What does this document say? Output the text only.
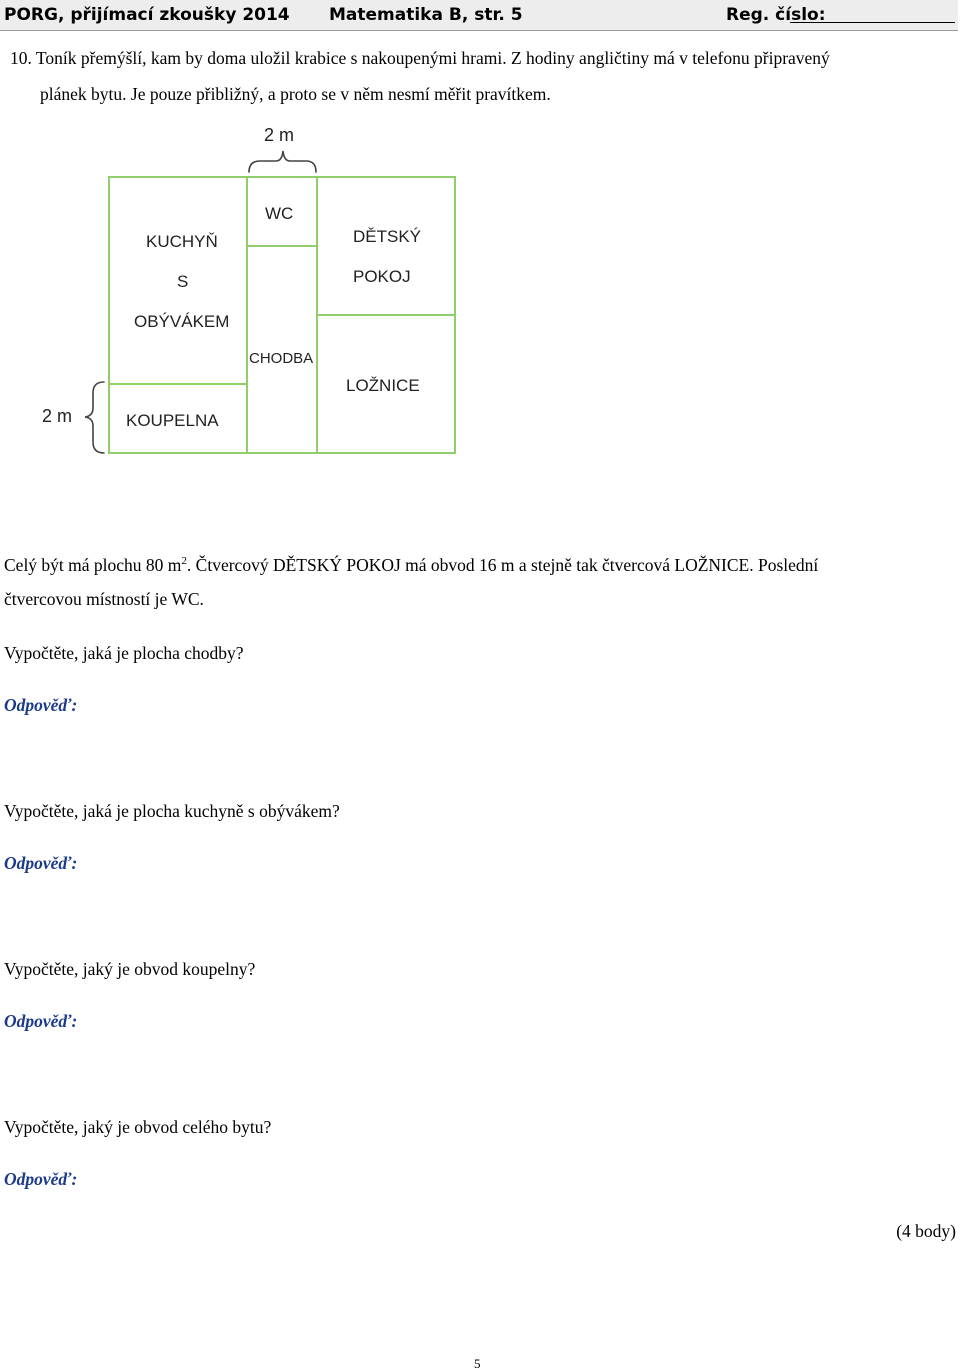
PORG, přijímací zkoušky 2014 Matematika B, str. 5	Reg. číslo:
10. Toník přemýšlí, kam by doma uložil krabice s nakoupenými hrami. Z hodiny angličtiny má v telefonu připravený
plánek bytu. Je pouze přibližný, a proto se v něm nesmí měřit pravítkem.
2 m
2 m
WC
KUCHYŇ
S
OBÝVÁKEM
DĚTSKÝ
POKOJ
CHODBA
LOŽNICE
KOUPELNA
Celý být má plochu 80 $m^2$. Čtvercový DĚTSKÝ POKOJ má obvod 16 m a stejně tak čtvercová LOŽNICE. Poslední
čtvercovou místností je WC.
Vypočtěte, jaká je plocha chodby?
Odpověď:
Vypočtěte, jaká je plocha kuchyně s obývákem?
Odpověď:
Vypočtěte, jaký je obvod koupelny?
Odpověď:
Vypočtěte, jaký je obvod celého bytu?
Odpověď:
(4 body)
5
